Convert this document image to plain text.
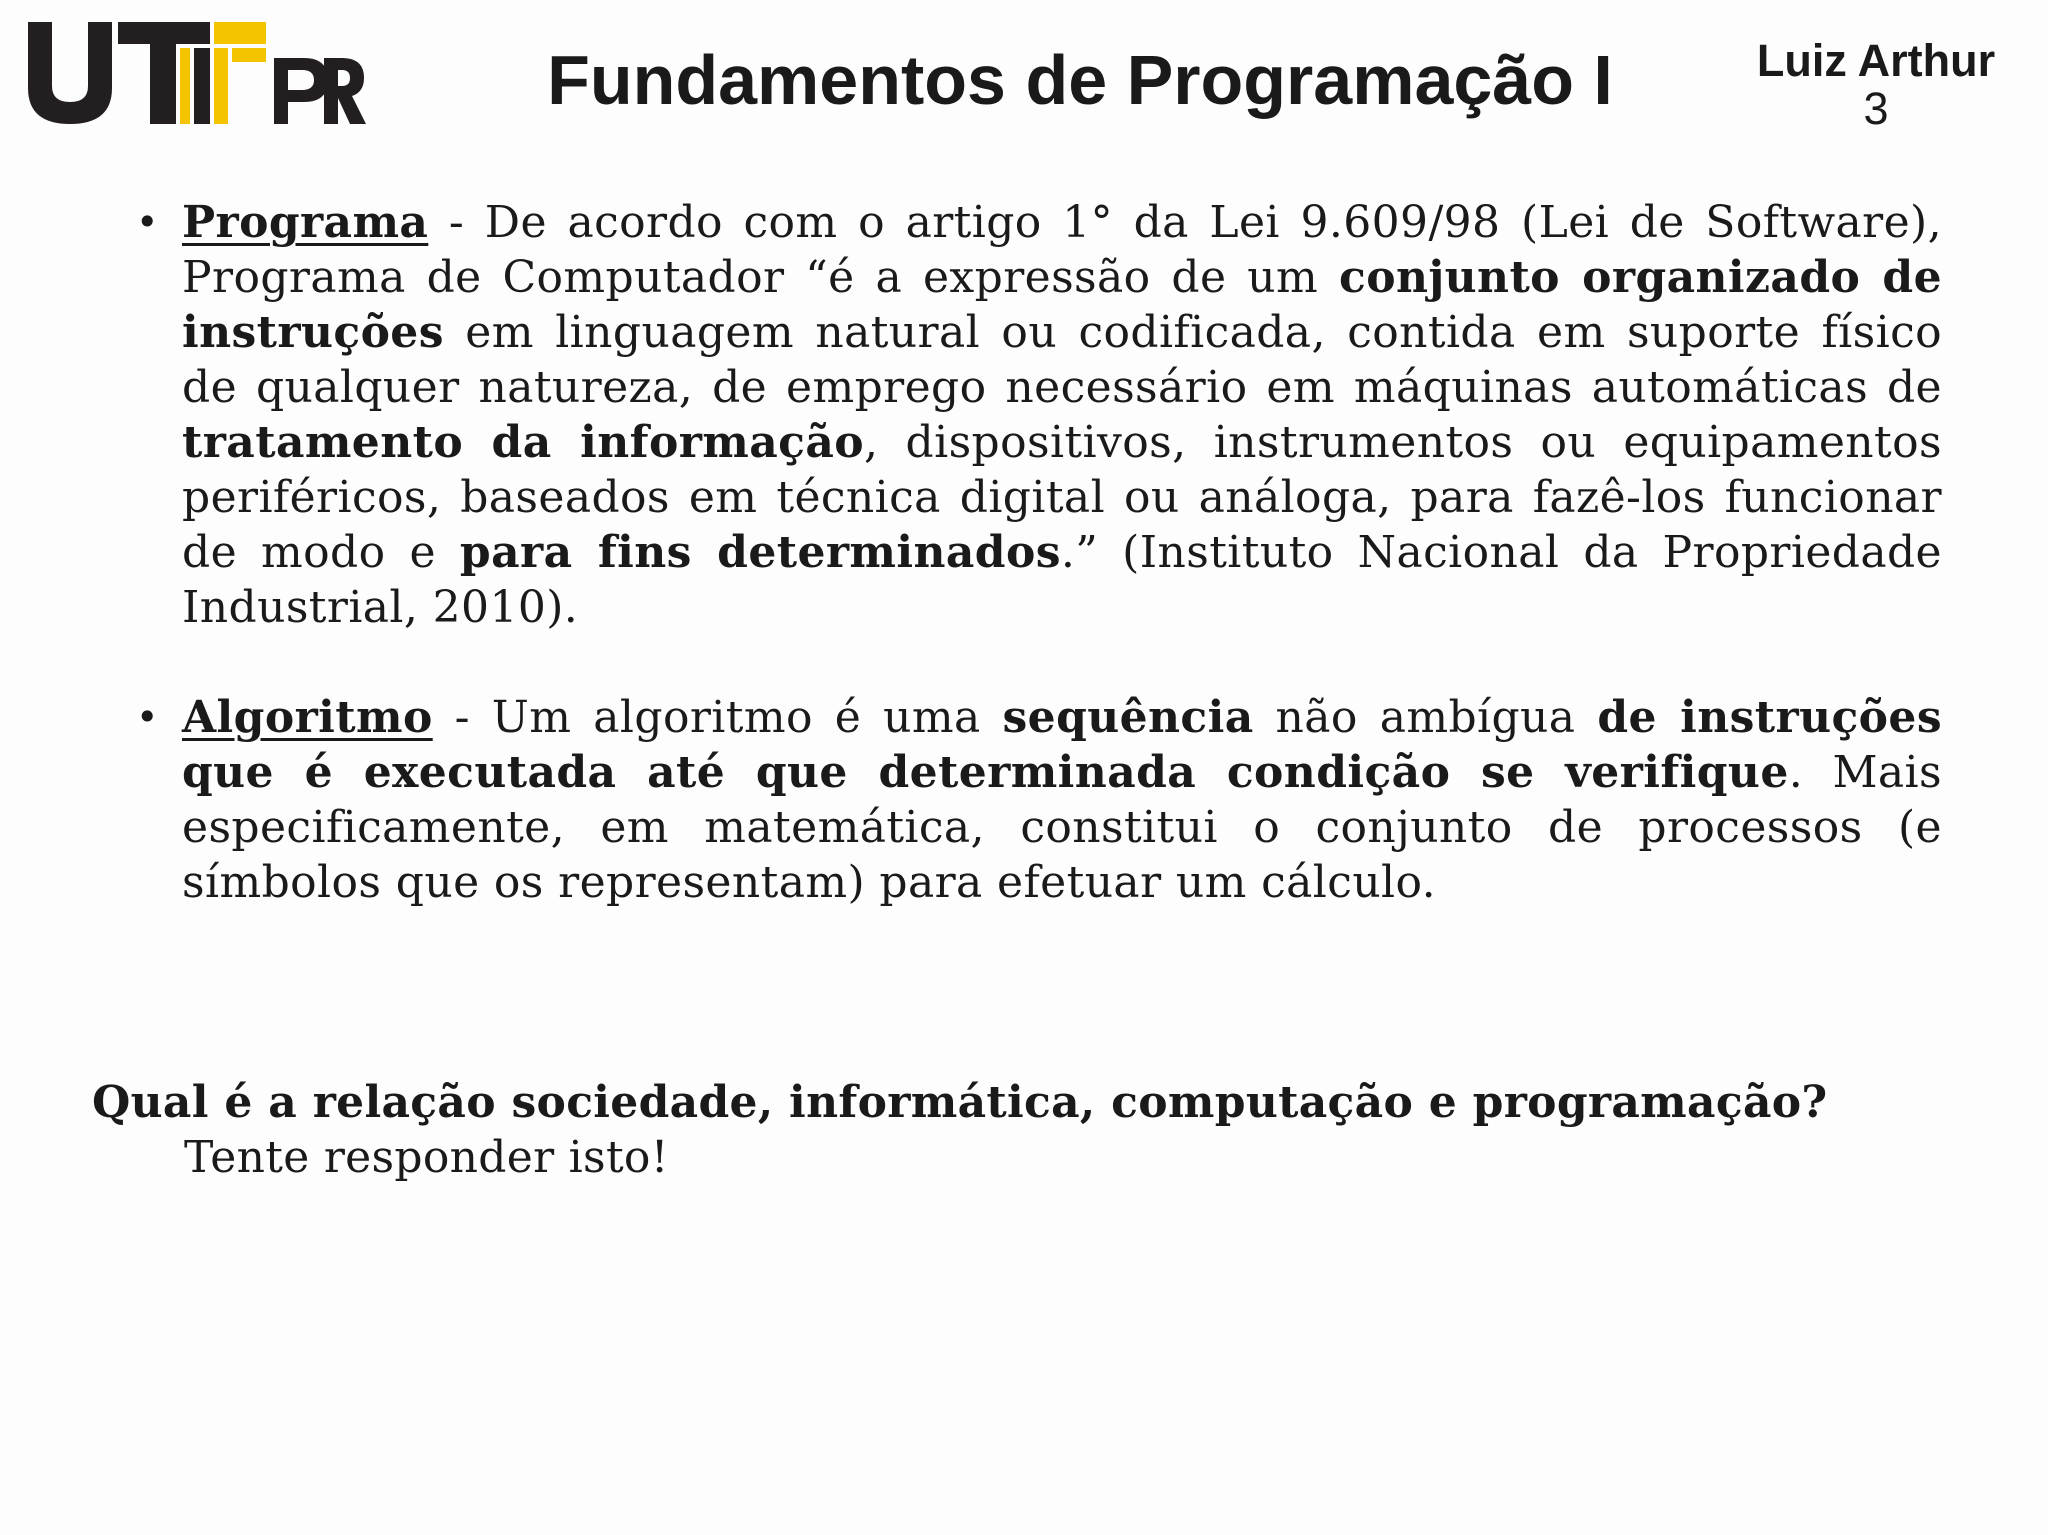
Fundamentos de Programação I	Luiz Arthur
3

• Programa - De acordo com o artigo 1° da Lei 9.609/98 (Lei de Software), Programa de Computador “é a expressão de um conjunto organizado de instruções em linguagem natural ou codificada, contida em suporte físico de qualquer natureza, de emprego necessário em máquinas automáticas de tratamento da informação, dispositivos, instrumentos ou equipamentos periféricos, baseados em técnica digital ou análoga, para fazê-los funcionar de modo e para fins determinados.” (Instituto Nacional da Propriedade Industrial, 2010).

• Algoritmo - Um algoritmo é uma sequência não ambígua de instruções que é executada até que determinada condição se verifique. Mais especificamente, em matemática, constitui o conjunto de processos (e símbolos que os representam) para efetuar um cálculo.

Qual é a relação sociedade, informática, computação e programação?
Tente responder isto!
